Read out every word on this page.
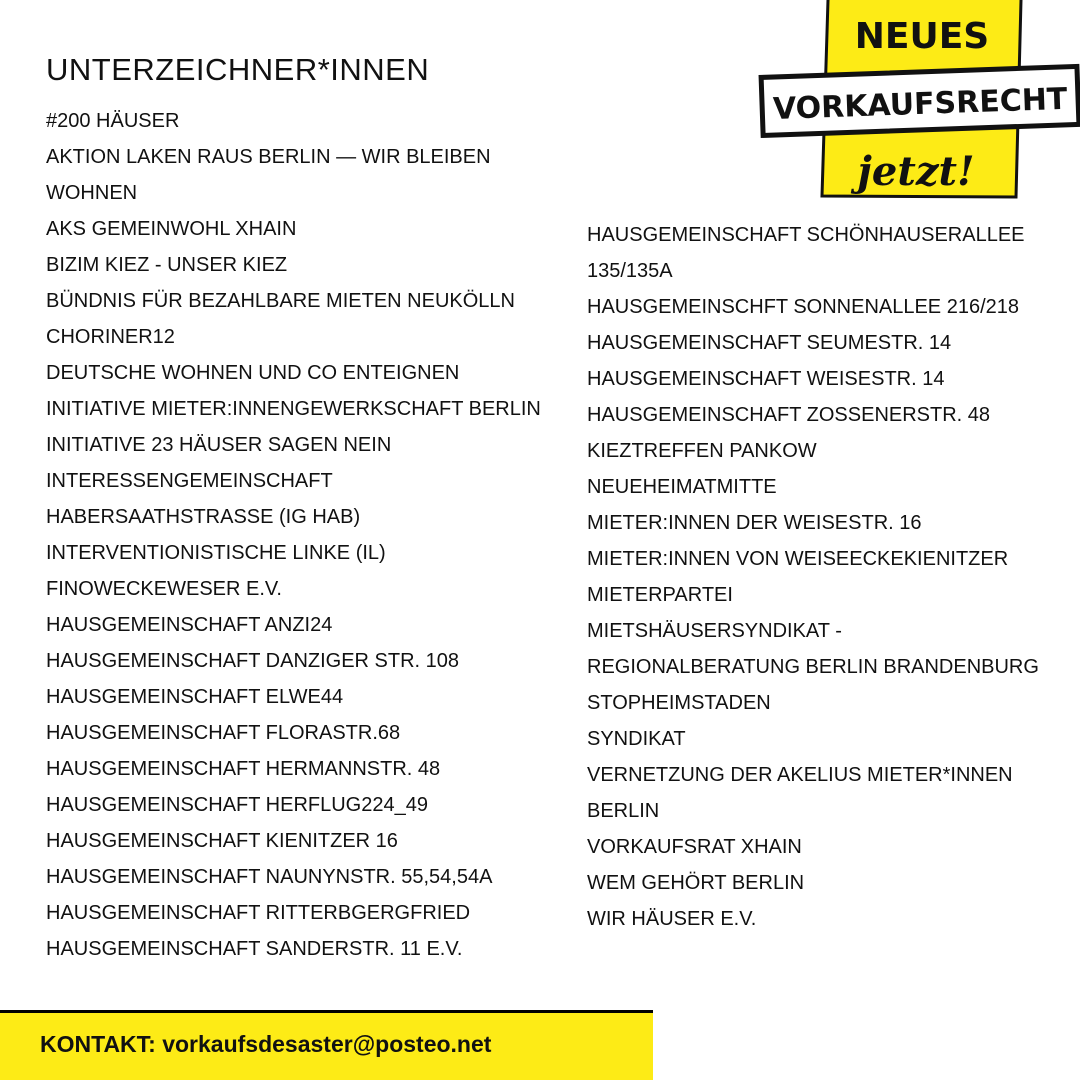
UNTERZEICHNER*INNEN
NEUES
VORKAUFSRECHT
jetzt!
#200 HÄUSER
AKTION LAKEN RAUS BERLIN — WIR BLEIBEN
WOHNEN
AKS GEMEINWOHL XHAIN
BIZIM KIEZ - UNSER KIEZ
BÜNDNIS FÜR BEZAHLBARE MIETEN NEUKÖLLN
CHORINER12
DEUTSCHE WOHNEN UND CO ENTEIGNEN
INITIATIVE MIETER:INNENGEWERKSCHAFT BERLIN
INITIATIVE 23 HÄUSER SAGEN NEIN
INTERESSENGEMEINSCHAFT
HABERSAATHSTRASSE (IG HAB)
INTERVENTIONISTISCHE LINKE (IL)
FINOWECKEWESER E.V.
HAUSGEMEINSCHAFT ANZI24
HAUSGEMEINSCHAFT DANZIGER STR. 108
HAUSGEMEINSCHAFT ELWE44
HAUSGEMEINSCHAFT FLORASTR.68
HAUSGEMEINSCHAFT HERMANNSTR. 48
HAUSGEMEINSCHAFT HERFLUG224_49
HAUSGEMEINSCHAFT KIENITZER 16
HAUSGEMEINSCHAFT NAUNYNSTR. 55,54,54A
HAUSGEMEINSCHAFT RITTERBGERGFRIED
HAUSGEMEINSCHAFT SANDERSTR. 11 E.V.
HAUSGEMEINSCHAFT SCHÖNHAUSERALLEE
135/135A
HAUSGEMEINSCHFT SONNENALLEE 216/218
HAUSGEMEINSCHAFT SEUMESTR. 14
HAUSGEMEINSCHAFT WEISESTR. 14
HAUSGEMEINSCHAFT ZOSSENERSTR. 48
KIEZTREFFEN PANKOW
NEUEHEIMATMITTE
MIETER:INNEN DER WEISESTR. 16
MIETER:INNEN VON WEISEECKEKIENITZER
MIETERPARTEI
MIETSHÄUSERSYNDIKAT -
REGIONALBERATUNG BERLIN BRANDENBURG
STOPHEIMSTADEN
SYNDIKAT
VERNETZUNG DER AKELIUS MIETER*INNEN
BERLIN
VORKAUFSRAT XHAIN
WEM GEHÖRT BERLIN
WIR HÄUSER E.V.
KONTAKT: vorkaufsdesaster@posteo.net
